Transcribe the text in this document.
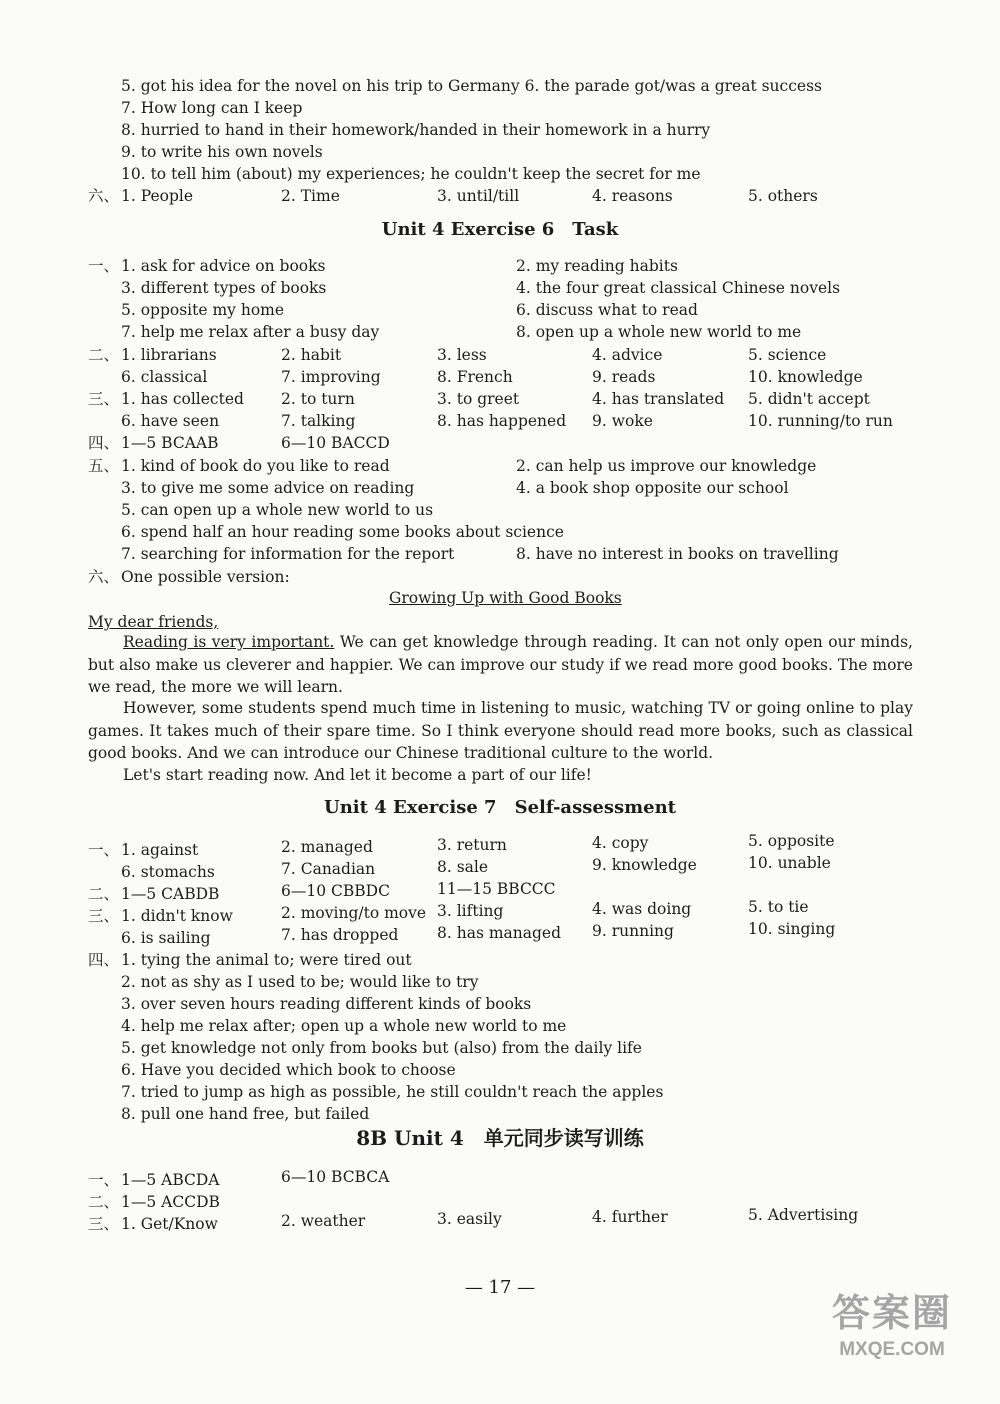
5. got his idea for the novel on his trip to Germany 6. the parade got/was a great success
7. How long can I keep
8. hurried to hand in their homework/handed in their homework in a hurry
9. to write his own novels
10. to tell him (about) my experiences; he couldn't keep the secret for me
六、 1. People	2. Time	3. until/till	4. reasons	5. others
Unit 4 Exercise 6　Task
一、 1. ask for advice on books	2. my reading habits
3. different types of books	4. the four great classical Chinese novels
5. opposite my home	6. discuss what to read
7. help me relax after a busy day	8. open up a whole new world to me
二、 1. librarians	2. habit	3. less	4. advice	5. science
6. classical	7. improving	8. French	9. reads	10. knowledge
三、 1. has collected 2. to turn	3. to greet	4. has translated 5. didn't accept
6. have seen	7. talking	8. has happened 9. woke	10. running/to run
四、 1—5 BCAAB	6—10 BACCD
五、 1. kind of book do you like to read	2. can help us improve our knowledge
3. to give me some advice on reading	4. a book shop opposite our school
5. can open up a whole new world to us
6. spend half an hour reading some books about science
7. searching for information for the report	8. have no interest in books on travelling
六、 One possible version:
Growing Up with Good Books
My dear friends,
Reading is very important. We can get knowledge through reading. It can not only open our minds, but also make us cleverer and happier. We can improve our study if we read more good books. The more we read, the more we will learn.
However, some students spend much time in listening to music, watching TV or going online to play games. It takes much of their spare time. So I think everyone should read more books, such as classical good books. And we can introduce our Chinese traditional culture to the world.
Let's start reading now. And let it become a part of our life!
Unit 4 Exercise 7　Self-assessment
一、 1. against	2. managed	3. return	4. copy	5. opposite
6. stomachs	7. Canadian	8. sale	9. knowledge	10. unable
二、 1—5 CABDB	6—10 CBBDC	11—15 BBCCC
三、 1. didn't know	2. moving/to move 3. lifting	4. was doing	5. to tie
6. is sailing	7. has dropped 8. has managed 9. running	10. singing
四、 1. tying the animal to; were tired out
2. not as shy as I used to be; would like to try
3. over seven hours reading different kinds of books
4. help me relax after; open up a whole new world to me
5. get knowledge not only from books but (also) from the daily life
6. Have you decided which book to choose
7. tried to jump as high as possible, he still couldn't reach the apples
8. pull one hand free, but failed
8B Unit 4　单元同步读写训练
一、 1—5 ABCDA	6—10 BCBCA
二、 1—5 ACCDB
三、 1. Get/Know	2. weather	3. easily	4. further	5. Advertising
— 17 —
答案圈
MXQE.COM
